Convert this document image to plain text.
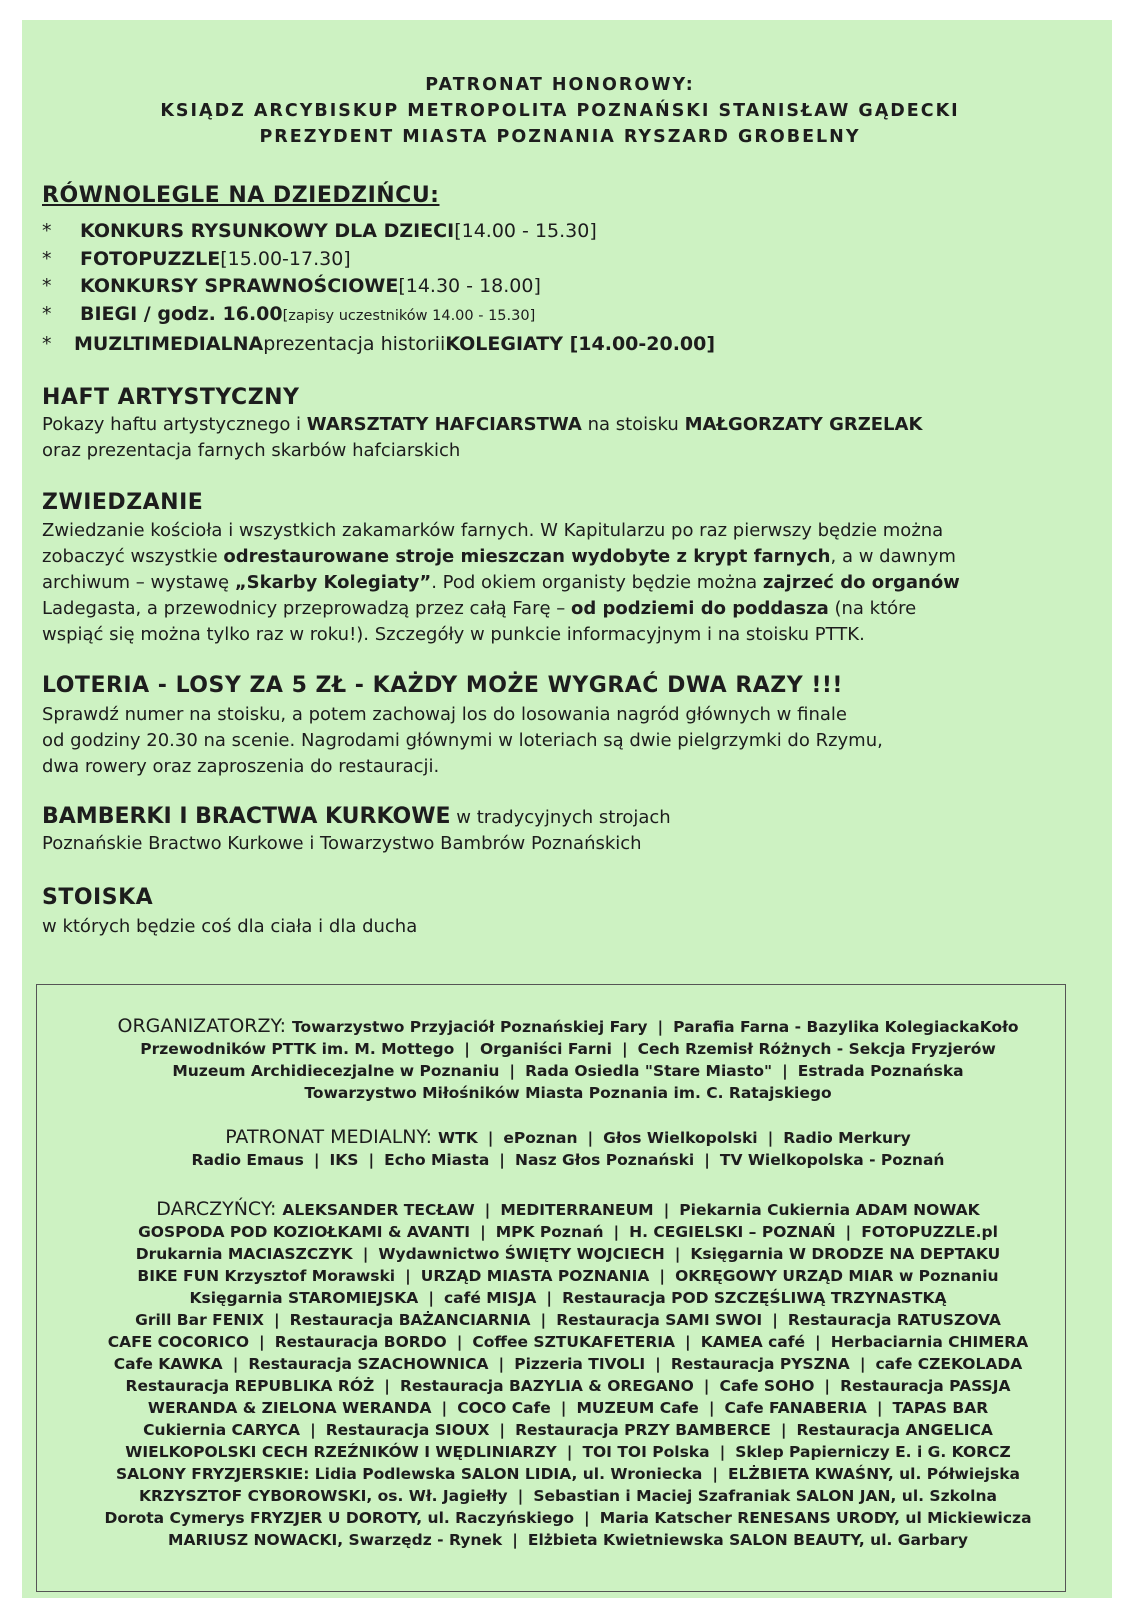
PATRONAT HONOROWY:
KSIĄDZ ARCYBISKUP METROPOLITA POZNAŃSKI STANISŁAW GĄDECKI
PREZYDENT MIASTA POZNANIA RYSZARD GROBELNY
RÓWNOLEGLE NA DZIEDZIŃCU:
*	KONKURS RYSUNKOWY DLA DZIECI [14.00 - 15.30]
*	FOTOPUZZLE [15.00-17.30]
*	KONKURSY SPRAWNOŚCIOWE [14.30 - 18.00]
*	BIEGI / godz. 16.00 [zapisy uczestników 14.00 - 15.30]
*	MUZLTIMEDIALNA prezentacja historii KOLEGIATY [14.00-20.00]
HAFT ARTYSTYCZNY
Pokazy haftu artystycznego i WARSZTATY HAFCIARSTWA na stoisku MAŁGORZATY GRZELAK
oraz prezentacja farnych skarbów hafciarskich
ZWIEDZANIE
Zwiedzanie kościoła i wszystkich zakamarków farnych. W Kapitularzu po raz pierwszy będzie można
zobaczyć wszystkie odrestaurowane stroje mieszczan wydobyte z krypt farnych, a w dawnym
archiwum – wystawę „Skarby Kolegiaty”. Pod okiem organisty będzie można zajrzeć do organów
Ladegasta, a przewodnicy przeprowadzą przez całą Farę – od podziemi do poddasza (na które
wspiąć się można tylko raz w roku!). Szczegóły w punkcie informacyjnym i na stoisku PTTK.
LOTERIA - LOSY ZA 5 ZŁ - KAŻDY MOŻE WYGRAĆ DWA RAZY !!!
Sprawdź numer na stoisku, a potem zachowaj los do losowania nagród głównych w finale
od godziny 20.30 na scenie. Nagrodami głównymi w loteriach są dwie pielgrzymki do Rzymu,
dwa rowery oraz zaproszenia do restauracji.
BAMBERKI I BRACTWA KURKOWE w tradycyjnych strojach
Poznańskie Bractwo Kurkowe i Towarzystwo Bambrów Poznańskich
STOISKA
w których będzie coś dla ciała i dla ducha
ORGANIZATORZY: Towarzystwo Przyjaciół Poznańskiej Fary | Parafia Farna - Bazylika KolegiackaKoło
Przewodników PTTK im. M. Mottego | Organiści Farni | Cech Rzemisł Różnych - Sekcja Fryzjerów
Muzeum Archidiecezjalne w Poznaniu | Rada Osiedla "Stare Miasto" | Estrada Poznańska
Towarzystwo Miłośników Miasta Poznania im. C. Ratajskiego
PATRONAT MEDIALNY: WTK | ePoznan | Głos Wielkopolski | Radio Merkury
Radio Emaus | IKS | Echo Miasta | Nasz Głos Poznański | TV Wielkopolska - Poznań
DARCZYŃCY: ALEKSANDER TECŁAW | MEDITERRANEUM | Piekarnia Cukiernia ADAM NOWAK
GOSPODA POD KOZIOŁKAMI & AVANTI | MPK Poznań | H. CEGIELSKI – POZNAŃ | FOTOPUZZLE.pl
Drukarnia MACIASZCZYK | Wydawnictwo ŚWIĘTY WOJCIECH | Księgarnia W DRODZE NA DEPTAKU
BIKE FUN Krzysztof Morawski | URZĄD MIASTA POZNANIA | OKRĘGOWY URZĄD MIAR w Poznaniu
Księgarnia STAROMIEJSKA | café MISJA | Restauracja POD SZCZĘŚLIWĄ TRZYNASTKĄ
Grill Bar FENIX | Restauracja BAŻANCIARNIA | Restauracja SAMI SWOI | Restauracja RATUSZOVA
CAFE COCORICO | Restauracja BORDO | Coffee SZTUKAFETERIA | KAMEA café | Herbaciarnia CHIMERA
Cafe KAWKA | Restauracja SZACHOWNICA | Pizzeria TIVOLI | Restauracja PYSZNA | cafe CZEKOLADA
Restauracja REPUBLIKA RÓŻ | Restauracja BAZYLIA & OREGANO | Cafe SOHO | Restauracja PASSJA
WERANDA & ZIELONA WERANDA | COCO Cafe | MUZEUM Cafe | Cafe FANABERIA | TAPAS BAR
Cukiernia CARYCA | Restauracja SIOUX | Restauracja PRZY BAMBERCE | Restauracja ANGELICA
WIELKOPOLSKI CECH RZEŹNIKÓW I WĘDLINIARZY | TOI TOI Polska | Sklep Papierniczy E. i G. KORCZ
SALONY FRYZJERSKIE: Lidia Podlewska SALON LIDIA, ul. Wroniecka | ELŻBIETA KWAŚNY, ul. Półwiejska
KRZYSZTOF CYBOROWSKI, os. Wł. Jagiełły | Sebastian i Maciej Szafraniak SALON JAN, ul. Szkolna
Dorota Cymerys FRYZJER U DOROTY, ul. Raczyńskiego | Maria Katscher RENESANS URODY, ul Mickiewicza
MARIUSZ NOWACKI, Swarzędz - Rynek | Elżbieta Kwietniewska SALON BEAUTY, ul. Garbary
